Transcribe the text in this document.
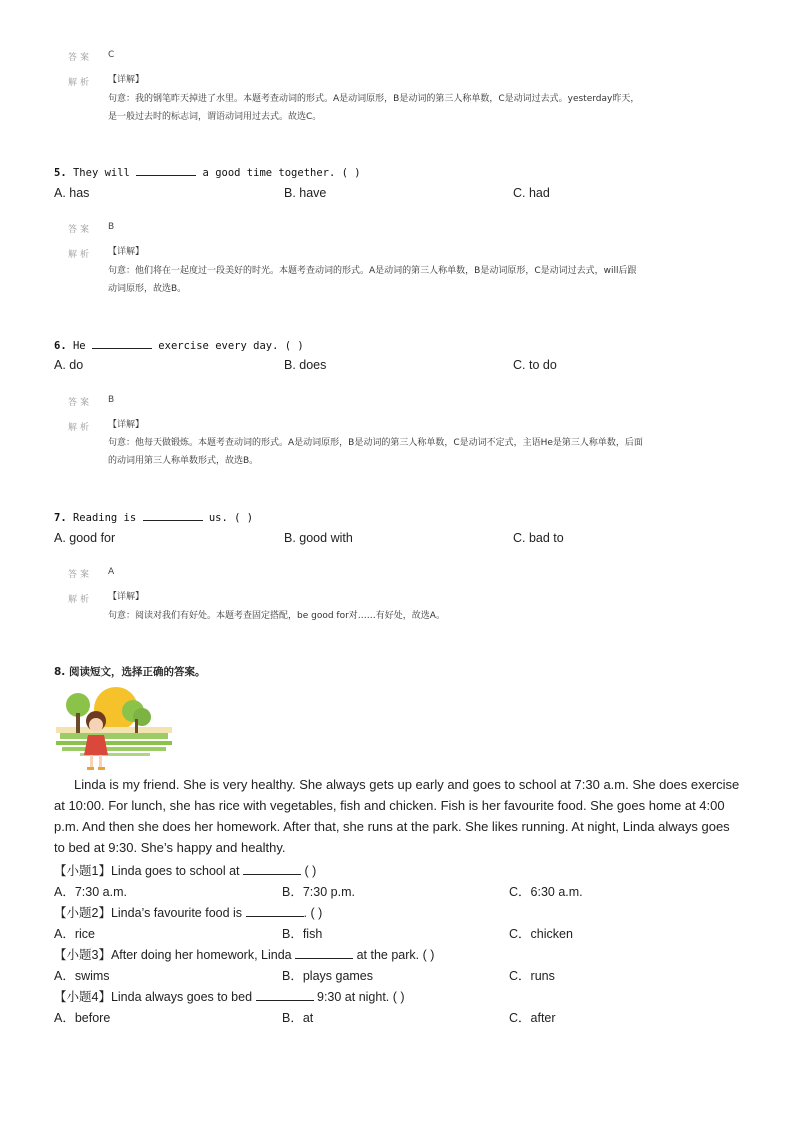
答案 C
解析 【详解】
句意：我的钢笔昨天掉进了水里。本题考查动词的形式。A是动词原形，B是动词的第三人称单数，C是动词过去式。yesterday昨天，
是一般过去时的标志词，谓语动词用过去式。故选C。
5. They will	a good time together. ( )
A. has	B. have	C. had
答案 B
解析 【详解】
句意：他们将在一起度过一段美好的时光。本题考查动词的形式。A是动词的第三人称单数，B是动词原形，C是动词过去式，will后跟
动词原形，故选B。
6. He	exercise every day. ( )
A. do	B. does	C. to do
答案 B
解析 【详解】
句意：他每天做锻炼。本题考查动词的形式。A是动词原形，B是动词的第三人称单数，C是动词不定式，主语He是第三人称单数，后面
的动词用第三人称单数形式，故选B。
7. Reading is	us. ( )
A. good for	B. good with	C. bad to
答案 A
解析 【详解】
句意：阅读对我们有好处。本题考查固定搭配，be good for对……有好处，故选A。
8. 阅读短文，选择正确的答案。
Linda is my friend. She is very healthy. She always gets up early and goes to school at 7:30 a.m. She does exercise at 10:00. For lunch, she has rice with vegetables, fish and chicken. Fish is her favourite food. She goes home at 4:00 p.m. And then she does her homework. After that, she runs at the park. She likes running. At night, Linda always goes to bed at 9:30. She’s happy and healthy.
【小题1】Linda goes to school at	( )
A．7:30 a.m.	B．7:30 p.m.	C．6:30 a.m.
【小题2】Linda’s favourite food is	. ( )
A．rice	B．fish	C．chicken
【小题3】After doing her homework, Linda	at the park. ( )
A．swims	B．plays games	C．runs
【小题4】Linda always goes to bed	9:30 at night. ( )
A．before	B．at	C．after
